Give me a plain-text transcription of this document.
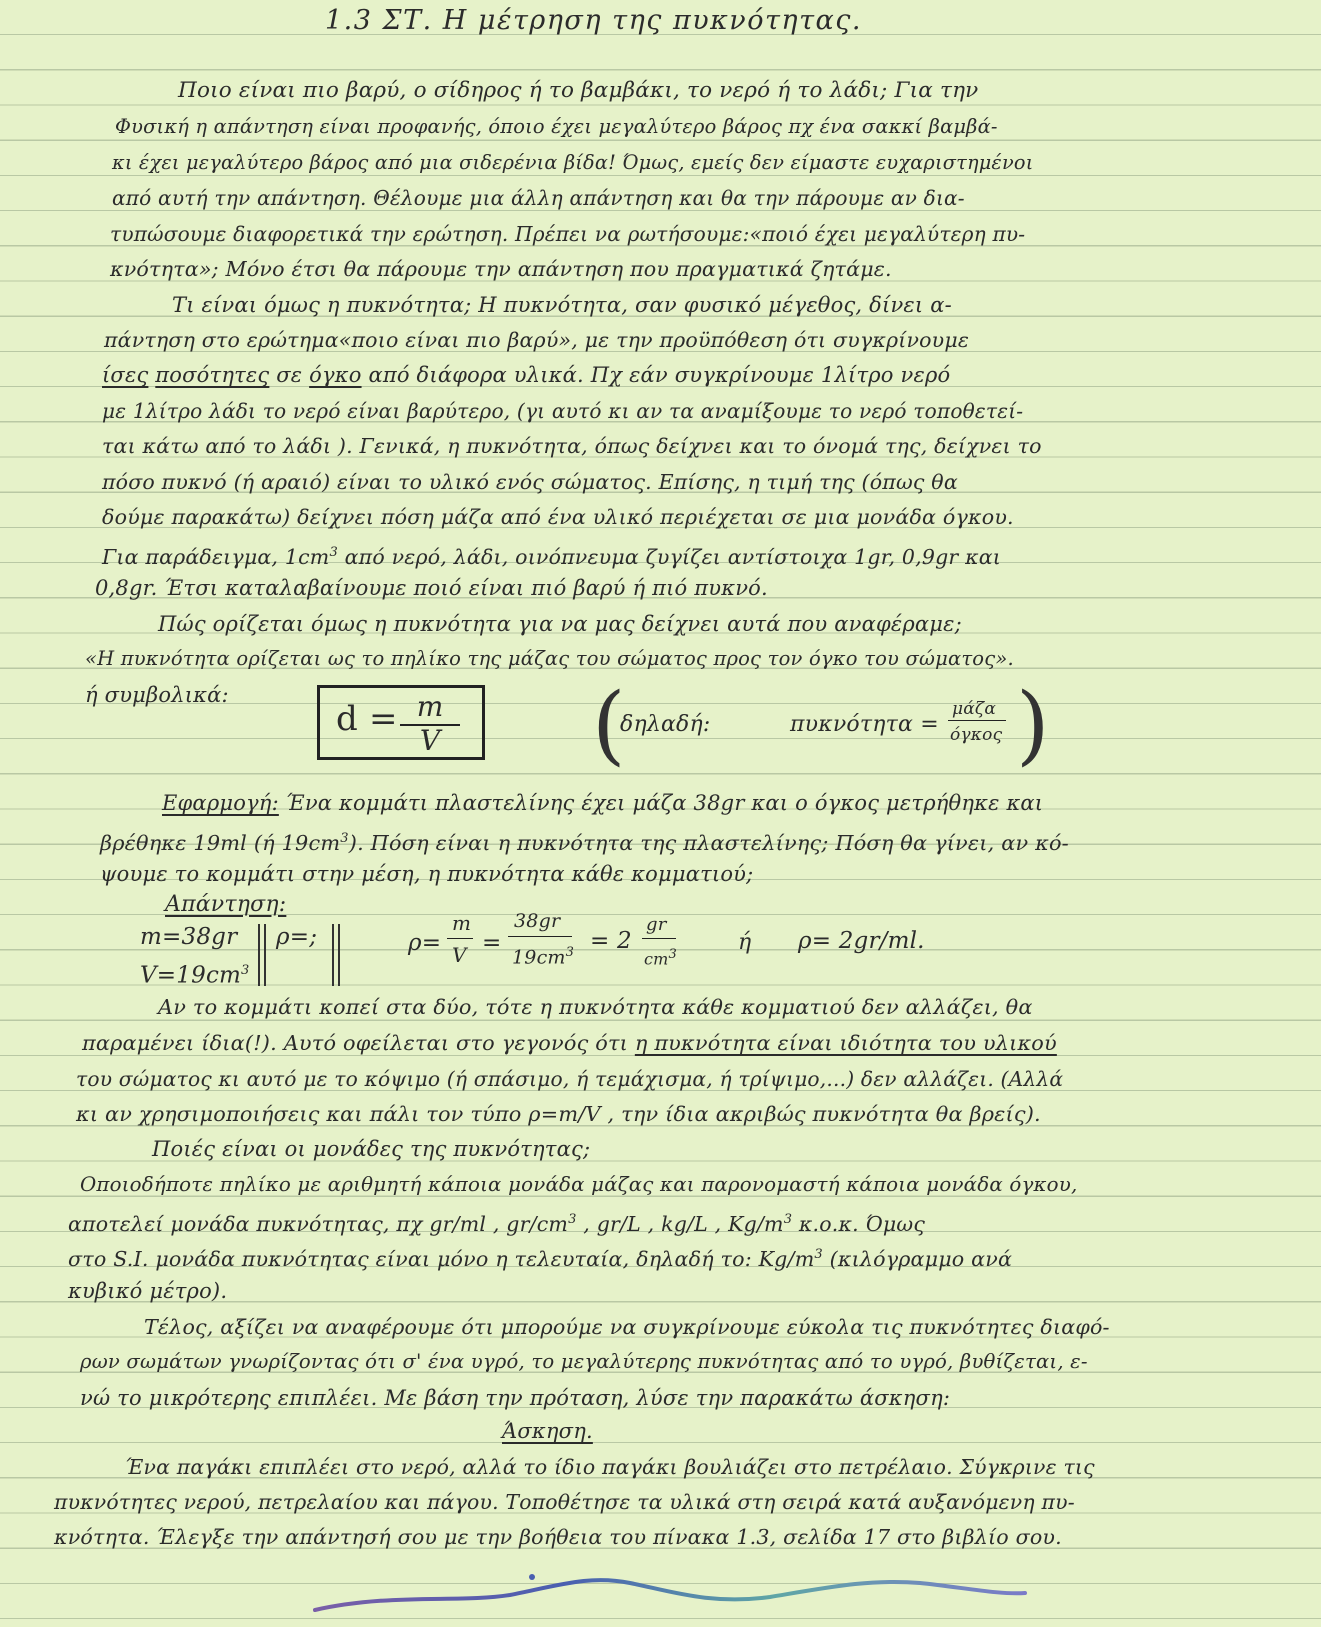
1.3 ΣΤ. Η μέτρηση της πυκνότητας.
Ποιο είναι πιο βαρύ, ο σίδηρος ή το βαμβάκι, το νερό ή το λάδι; Για την
Φυσική η απάντηση είναι προφανής, όποιο έχει μεγαλύτερο βάρος πχ ένα σακκί βαμβά-
κι έχει μεγαλύτερο βάρος από μια σιδερένια βίδα! Όμως, εμείς δεν είμαστε ευχαριστημένοι
από αυτή την απάντηση. Θέλουμε μια άλλη απάντηση και θα την πάρουμε αν δια-
τυπώσουμε διαφορετικά την ερώτηση. Πρέπει να ρωτήσουμε:«ποιό έχει μεγαλύτερη πυ-
κνότητα»; Μόνο έτσι θα πάρουμε την απάντηση που πραγματικά ζητάμε.
Τι είναι όμως η πυκνότητα; Η πυκνότητα, σαν φυσικό μέγεθος, δίνει α-
πάντηση στο ερώτημα«ποιο είναι πιο βαρύ», με την προϋπόθεση ότι συγκρίνουμε
ίσες ποσότητες σε όγκο από διάφορα υλικά. Πχ εάν συγκρίνουμε 1λίτρο νερό
με 1λίτρο λάδι το νερό είναι βαρύτερο, (γι αυτό κι αν τα αναμίξουμε το νερό τοποθετεί-
ται κάτω από το λάδι ). Γενικά, η πυκνότητα, όπως δείχνει και το όνομά της, δείχνει το
πόσο πυκνό (ή αραιό) είναι το υλικό ενός σώματος. Επίσης, η τιμή της (όπως θα
δούμε παρακάτω) δείχνει πόση μάζα από ένα υλικό περιέχεται σε μια μονάδα όγκου.
Για παράδειγμα, $1cm^3$ από νερό, λάδι, οινόπνευμα ζυγίζει αντίστοιχα 1gr, 0,9gr και
0,8gr. Έτσι καταλαβαίνουμε ποιό είναι πιό βαρύ ή πιό πυκνό.
Πώς ορίζεται όμως η πυκνότητα για να μας δείχνει αυτά που αναφέραμε;
«Η πυκνότητα ορίζεται ως το πηλίκο της μάζας του σώματος προς τον όγκο του σώματος».
ή συμβολικά:
d = m
V (
δηλαδή:	πυκνότητα =
μάζα
όγκος )
Εφαρμογή: Ένα κομμάτι πλαστελίνης έχει μάζα 38gr και ο όγκος μετρήθηκε και
βρέθηκε 19ml (ή $19cm^3$). Πόση είναι η πυκνότητα της πλαστελίνης; Πόση θα γίνει, αν κό-
ψουμε το κομμάτι στην μέση, η πυκνότητα κάθε κομματιού;
Απάντηση:
m=38gr
$V=19cm^3$
ρ=;	ρ=
m
V =
38gr
$19cm^3 = 2$
gr
$cm^3$	ή ρ= 2gr/ml.
Αν το κομμάτι κοπεί στα δύο, τότε η πυκνότητα κάθε κομματιού δεν αλλάζει, θα
παραμένει ίδια(!). Αυτό οφείλεται στο γεγονός ότι η πυκνότητα είναι ιδιότητα του υλικού
του σώματος κι αυτό με το κόψιμο (ή σπάσιμο, ή τεμάχισμα, ή τρίψιμο,...) δεν αλλάζει. (Αλλά
κι αν χρησιμοποιήσεις και πάλι τον τύπο ρ=m/V , την ίδια ακριβώς πυκνότητα θα βρείς).
Ποιές είναι οι μονάδες της πυκνότητας;
Οποιοδήποτε πηλίκο με αριθμητή κάποια μονάδα μάζας και παρονομαστή κάποια μονάδα όγκου,
αποτελεί μονάδα πυκνότητας, πχ gr/ml , $gr/cm^3$ , gr/L , kg/L , $Kg/m^3$ κ.ο.κ. Όμως
στο S.I. μονάδα πυκνότητας είναι μόνο η τελευταία, δηλαδή το: $Kg/m^3$ (κιλόγραμμο ανά
κυβικό μέτρο).
Τέλος, αξίζει να αναφέρουμε ότι μπορούμε να συγκρίνουμε εύκολα τις πυκνότητες διαφό-
ρων σωμάτων γνωρίζοντας ότι σ' ένα υγρό, το μεγαλύτερης πυκνότητας από το υγρό, βυθίζεται, ε-
νώ το μικρότερης επιπλέει. Με βάση την πρόταση, λύσε την παρακάτω άσκηση:
Άσκηση.
Ένα παγάκι επιπλέει στο νερό, αλλά το ίδιο παγάκι βουλιάζει στο πετρέλαιο. Σύγκρινε τις
πυκνότητες νερού, πετρελαίου και πάγου. Τοποθέτησε τα υλικά στη σειρά κατά αυξανόμενη πυ-
κνότητα. Έλεγξε την απάντησή σου με την βοήθεια του πίνακα 1.3, σελίδα 17 στο βιβλίο σου.
